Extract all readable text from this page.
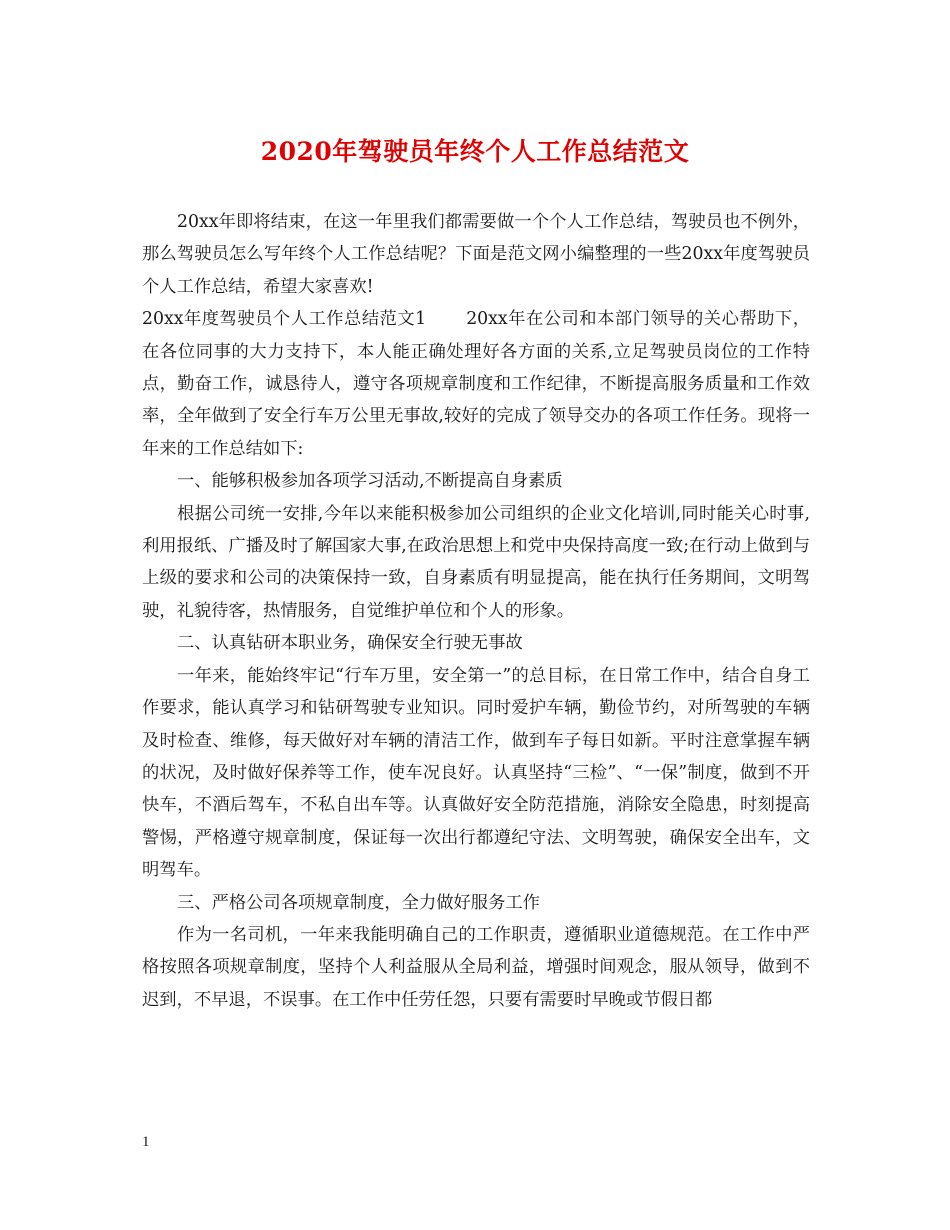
2020年驾驶员年终个人工作总结范文

20xx年即将结束，在这一年里我们都需要做一个个人工作总结，驾驶员也不例外，那么驾驶员怎么写年终个人工作总结呢？下面是范文网小编整理的一些20xx年度驾驶员个人工作总结，希望大家喜欢!

20xx年度驾驶员个人工作总结范文1 20xx年在公司和本部门领导的关心帮助下，在各位同事的大力支持下，本人能正确处理好各方面的关系,立足驾驶员岗位的工作特点，勤奋工作，诚恳待人，遵守各项规章制度和工作纪律，不断提高服务质量和工作效率，全年做到了安全行车万公里无事故,较好的完成了领导交办的各项工作任务。现将一年来的工作总结如下:

一、能够积极参加各项学习活动,不断提高自身素质

根据公司统一安排,今年以来能积极参加公司组织的企业文化培训,同时能关心时事,利用报纸、广播及时了解国家大事,在政治思想上和党中央保持高度一致;在行动上做到与上级的要求和公司的决策保持一致，自身素质有明显提高，能在执行任务期间，文明驾驶，礼貌待客，热情服务，自觉维护单位和个人的形象。

二、认真钻研本职业务，确保安全行驶无事故

一年来，能始终牢记“行车万里，安全第一”的总目标，在日常工作中，结合自身工作要求，能认真学习和钻研驾驶专业知识。同时爱护车辆，勤俭节约，对所驾驶的车辆及时检查、维修，每天做好对车辆的清洁工作，做到车子每日如新。平时注意掌握车辆的状况，及时做好保养等工作，使车况良好。认真坚持“三检”、“一保”制度，做到不开快车，不酒后驾车，不私自出车等。认真做好安全防范措施，消除安全隐患，时刻提高警惕，严格遵守规章制度，保证每一次出行都遵纪守法、文明驾驶，确保安全出车，文明驾车。

三、严格公司各项规章制度，全力做好服务工作

作为一名司机，一年来我能明确自己的工作职责，遵循职业道德规范。在工作中严格按照各项规章制度，坚持个人利益服从全局利益，增强时间观念，服从领导，做到不迟到，不早退，不误事。在工作中任劳任怨，只要有需要时早晚或节假日都

1
